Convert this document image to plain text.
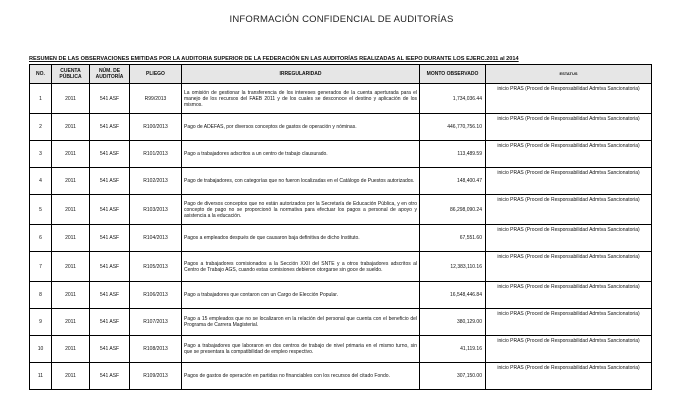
INFORMACIÓN CONFIDENCIAL DE AUDITORÍAS
RESUMEN DE LAS OBSERVACIONES EMITIDAS POR LA AUDITORIA SUPERIOR DE LA FEDERACIÓN EN LAS AUDITORÍAS REALIZADAS AL IEEPO DURANTE LOS EJERC.2011 al 2014
NO.	CUENTA PÚBLICA	NÚM. DE AUDITORÍA	PLIEGO	IRREGULARIDAD	MONTO OBSERVADO	ESTATUS
1	2011	541 ASF	R99/2013	La omisión de gestionar la transferencia de los intereses generados de la cuenta aperturada para el manejo de los recursos del FAEB 2011 y de los cuales se desconoce el destino y aplicación de los mismos.	1,734,036.44	inicio PRAS (Proced de Responsabilidad Admtva Sancionatoria)
2	2011	541 ASF	R100/2013	Pago de ADEFAS, por diversos conceptos de gastos de operación y nóminas.	446,770,756.10	inicio PRAS (Proced de Responsabilidad Admtva Sancionatoria)
3	2011	541 ASF	R101/2013	Pago a trabajadores adscritos a un centro de trabajo clausurado.	113,489.59	inicio PRAS (Proced de Responsabilidad Admtva Sancionatoria)
4	2011	541 ASF	R102/2013	Pago de trabajadores, con categorías que no fueron localizadas en el Catálogo de Puestos autorizados.	148,400.47	inicio PRAS (Proced de Responsabilidad Admtva Sancionatoria)
5	2011	541 ASF	R103/2013	Pago de diversos conceptos que no están autorizados por la Secretaría de Educación Pública, y en otro concepto de pago no se proporcionó la normativa para efectuar los pagos a personal de apoyo y asistencia a la educación.	86,298,090.24	inicio PRAS (Proced de Responsabilidad Admtva Sancionatoria)
6	2011	541 ASF	R104/2013	Pagos a empleados después de que causaron baja definitiva de dicho Instituto.	67,551.60	inicio PRAS (Proced de Responsabilidad Admtva Sancionatoria)
7	2011	541 ASF	R105/2013	Pagos a trabajadores comisionados a la Sección XXII del SNTE y a otros trabajadores adscritos al Centro de Trabajo AGS, cuando estas comisiones debieron otorgarse sin goce de sueldo.	12,383,110.16	inicio PRAS (Proced de Responsabilidad Admtva Sancionatoria)
8	2011	541 ASF	R106/2013	Pago a trabajadores que contaron con un Cargo de Elección Popular.	16,548,446.84	inicio PRAS (Proced de Responsabilidad Admtva Sancionatoria)
9	2011	541 ASF	R107/2013	Pago a 15 empleados que no se localizaron en la relación del personal que cuenta con el beneficio del Programa de Carrera Magisterial.	380,129.00	inicio PRAS (Proced de Responsabilidad Admtva Sancionatoria)
10	2011	541 ASF	R108/2013	Pago a trabajadores que laboraron en dos centros de trabajo de nivel primaria en el mismo turno, sin que se presentara la compatibilidad de empleo respectivo.	41,119.16	inicio PRAS (Proced de Responsabilidad Admtva Sancionatoria)
11	2011	541 ASF	R109/2013	Pagos de gastos de operación en partidas no financiables con los recursos del citado Fondo.	307,150.00	inicio PRAS (Proced de Responsabilidad Admtva Sancionatoria)
